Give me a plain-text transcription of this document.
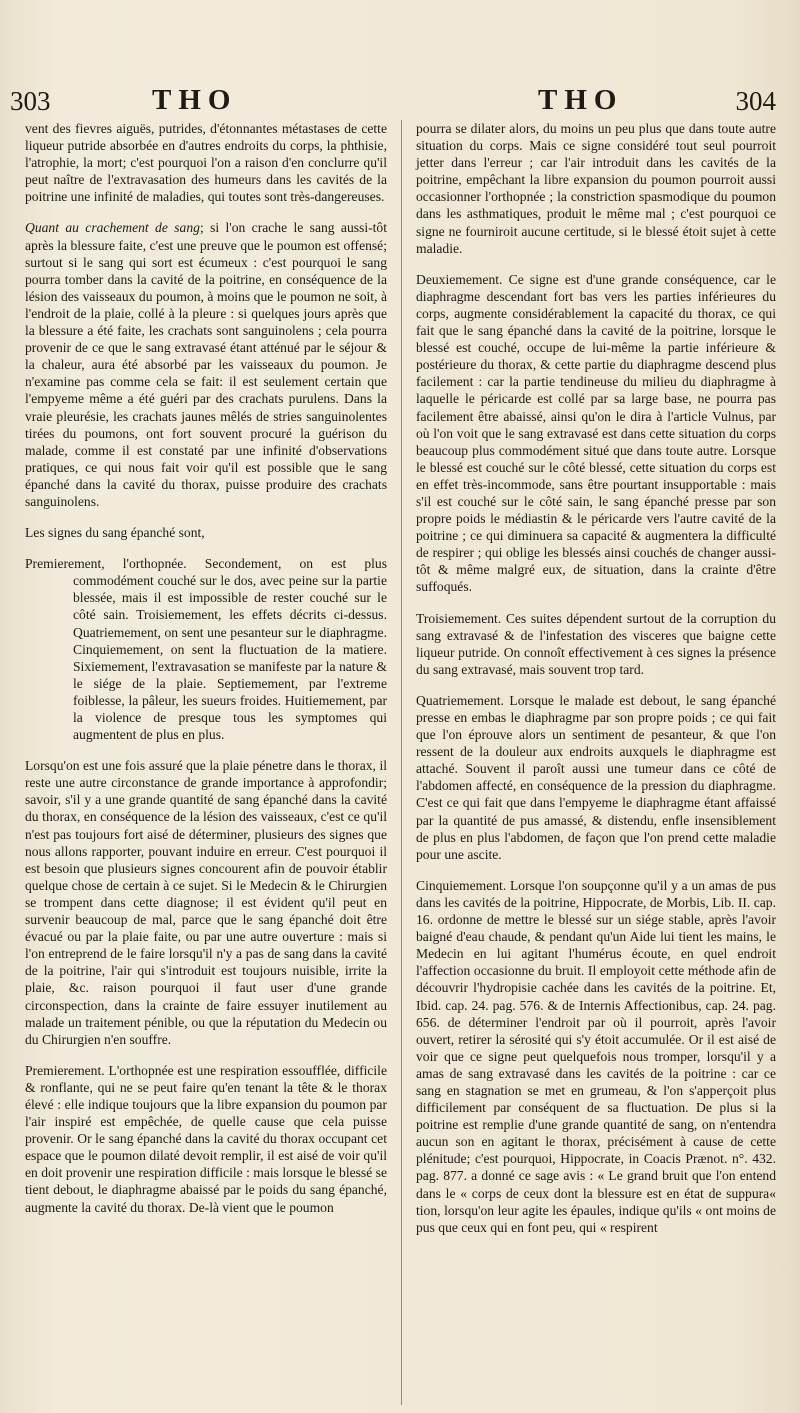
303	THO	THO	304

vent des fievres aiguës, putrides, d'étonnantes métastases de cette liqueur putride absorbée en d'autres endroits du corps, la phthisie, l'atrophie, la mort; c'est pourquoi l'on a raison d'en conclurre qu'il peut naître de l'extravasation des humeurs dans les cavités de la poitrine une infinité de maladies, qui toutes sont très-dangereuses.

Quant au crachement de sang; si l'on crache le sang aussi-tôt après la blessure faite, c'est une preuve que le poumon est offensé; surtout si le sang qui sort est écumeux : c'est pourquoi le sang pourra tomber dans la cavité de la poitrine, en conséquence de la lésion des vaisseaux du poumon, à moins que le poumon ne soit, à l'endroit de la plaie, collé à la pleure : si quelques jours après que la blessure a été faite, les crachats sont sanguinolens ; cela pourra provenir de ce que le sang extravasé étant atténué par le séjour & la chaleur, aura été absorbé par les vaisseaux du poumon. Je n'examine pas comme cela se fait: il est seulement certain que l'empyeme même a été guéri par des crachats purulens. Dans la vraie pleurésie, les crachats jaunes mêlés de stries sanguinolentes tirées du poumons, ont fort souvent procuré la guérison du malade, comme il est constaté par une infinité d'observations pratiques, ce qui nous fait voir qu'il est possible que le sang épanché dans la cavité du thorax, puisse produire des crachats sanguinolens.

Les signes du sang épanché sont,

Premierement, l'orthopnée. Secondement, on est plus commodément couché sur le dos, avec peine sur la partie blessée, mais il est impossible de rester couché sur le côté sain. Troisiemement, les effets décrits ci-dessus. Quatriemement, on sent une pesanteur sur le diaphragme. Cinquiemement, on sent la fluctuation de la matiere. Sixiemement, l'extravasation se manifeste par la nature & le siége de la plaie. Septiemement, par l'extreme foiblesse, la pâleur, les sueurs froides. Huitiemement, par la violence de presque tous les symptomes qui augmentent de plus en plus.

Lorsqu'on est une fois assuré que la plaie pénetre dans le thorax, il reste une autre circonstance de grande importance à approfondir; savoir, s'il y a une grande quantité de sang épanché dans la cavité du thorax, en conséquence de la lésion des vaisseaux, c'est ce qu'il n'est pas toujours fort aisé de déterminer, plusieurs des signes que nous allons rapporter, pouvant induire en erreur. C'est pourquoi il est besoin que plusieurs signes concourent afin de pouvoir établir quelque chose de certain à ce sujet. Si le Medecin & le Chirurgien se trompent dans cette diagnose; il est évident qu'il peut en survenir beaucoup de mal, parce que le sang épanché doit être évacué ou par la plaie faite, ou par une autre ouverture : mais si l'on entreprend de le faire lorsqu'il n'y a pas de sang dans la cavité de la poitrine, l'air qui s'introduit est toujours nuisible, irrite la plaie, &c. raison pourquoi il faut user d'une grande circonspection, dans la crainte de faire essuyer inutilement au malade un traitement pénible, ou que la réputation du Medecin ou du Chirurgien n'en souffre.

Premierement. L'orthopnée est une respiration essoufflée, difficile & ronflante, qui ne se peut faire qu'en tenant la tête & le thorax élevé : elle indique toujours que la libre expansion du poumon par l'air inspiré est empêchée, de quelle cause que cela puisse provenir. Or le sang épanché dans la cavité du thorax occupant cet espace que le poumon dilaté devoit remplir, il est aisé de voir qu'il en doit provenir une respiration difficile : mais lorsque le blessé se tient debout, le diaphragme abaissé par le poids du sang épanché, augmente la cavité du thorax. De-là vient que le poumon

pourra se dilater alors, du moins un peu plus que dans toute autre situation du corps. Mais ce signe considéré tout seul pourroit jetter dans l'erreur ; car l'air introduit dans les cavités de la poitrine, empêchant la libre expansion du poumon pourroit aussi occasionner l'orthopnée ; la constriction spasmodique du poumon dans les asthmatiques, produit le même mal ; c'est pourquoi ce signe ne fourniroit aucune certitude, si le blessé étoit sujet à cette maladie.

Deuxiemement. Ce signe est d'une grande conséquence, car le diaphragme descendant fort bas vers les parties inférieures du corps, augmente considérablement la capacité du thorax, ce qui fait que le sang épanché dans la cavité de la poitrine, lorsque le blessé est couché, occupe de lui-même la partie inférieure & postérieure du thorax, & cette partie du diaphragme descend plus facilement : car la partie tendineuse du milieu du diaphragme à laquelle le péricarde est collé par sa large base, ne pourra pas facilement être abaissé, ainsi qu'on le dira à l'article Vulnus, par où l'on voit que le sang extravasé est dans cette situation du corps beaucoup plus commodément situé que dans toute autre. Lorsque le blessé est couché sur le côté blessé, cette situation du corps est en effet très-incommode, sans être pourtant insupportable : mais s'il est couché sur le côté sain, le sang épanché presse par son propre poids le médiastin & le péricarde vers l'autre cavité de la poitrine ; ce qui diminuera sa capacité & augmentera la difficulté de respirer ; qui oblige les blessés ainsi couchés de changer aussi-tôt & même malgré eux, de situation, dans la crainte d'être suffoqués.

Troisiemement. Ces suites dépendent surtout de la corruption du sang extravasé & de l'infestation des visceres que baigne cette liqueur putride. On connoît effectivement à ces signes la présence du sang extravasé, mais souvent trop tard.

Quatriemement. Lorsque le malade est debout, le sang épanché presse en embas le diaphragme par son propre poids ; ce qui fait que l'on éprouve alors un sentiment de pesanteur, & que l'on ressent de la douleur aux endroits auxquels le diaphragme est attaché. Souvent il paroît aussi une tumeur dans ce côté de l'abdomen affecté, en conséquence de la pression du diaphragme. C'est ce qui fait que dans l'empyeme le diaphragme étant affaissé par la quantité de pus amassé, & distendu, enfle insensiblement de plus en plus l'abdomen, de façon que l'on prend cette maladie pour une ascite.

Cinquiemement. Lorsque l'on soupçonne qu'il y a un amas de pus dans les cavités de la poitrine, Hippocrate, de Morbis, Lib. II. cap. 16. ordonne de mettre le blessé sur un siége stable, après l'avoir baigné d'eau chaude, & pendant qu'un Aide lui tient les mains, le Medecin en lui agitant l'humérus écoute, en quel endroit l'affection occasionne du bruit. Il employoit cette méthode afin de découvrir l'hydropisie cachée dans les cavités de la poitrine. Et, Ibid. cap. 24. pag. 576. & de Internis Affectionibus, cap. 24. pag. 656. de déterminer l'endroit par où il pourroit, après l'avoir ouvert, retirer la sérosité qui s'y étoit accumulée. Or il est aisé de voir que ce signe peut quelquefois nous tromper, lorsqu'il y a amas de sang extravasé dans les cavités de la poitrine : car ce sang en stagnation se met en grumeau, & l'on s'apperçoit plus difficilement par conséquent de sa fluctuation. De plus si la poitrine est remplie d'une grande quantité de sang, on n'entendra aucun son en agitant le thorax, précisément à cause de cette plénitude; c'est pourquoi, Hippocrate, in Coacis Prænot. n°. 432. pag. 877. a donné ce sage avis : « Le grand bruit que l'on entend dans le « corps de ceux dont la blessure est en état de suppura« tion, lorsqu'on leur agite les épaules, indique qu'ils « ont moins de pus que ceux qui en font peu, qui « respirent
